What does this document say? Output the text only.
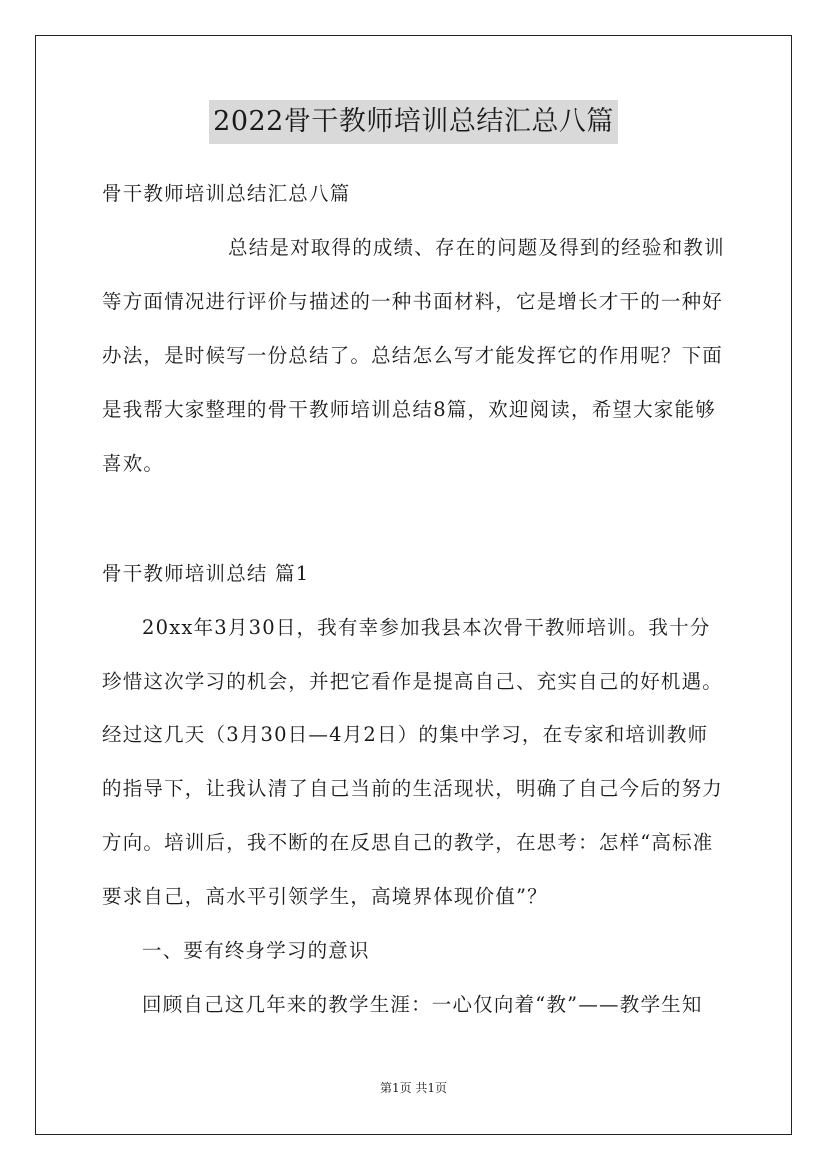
2022骨干教师培训总结汇总八篇
骨干教师培训总结汇总八篇
总结是对取得的成绩、存在的问题及得到的经验和教训
等方面情况进行评价与描述的一种书面材料，它是增长才干的一种好
办法，是时候写一份总结了。总结怎么写才能发挥它的作用呢？下面
是我帮大家整理的骨干教师培训总结8篇，欢迎阅读，希望大家能够
喜欢。
骨干教师培训总结 篇1
20xx年3月30日，我有幸参加我县本次骨干教师培训。我十分
珍惜这次学习的机会，并把它看作是提高自己、充实自己的好机遇。
经过这几天（3月30日—4月2日）的集中学习，在专家和培训教师
的指导下，让我认清了自己当前的生活现状，明确了自己今后的努力
方向。培训后，我不断的在反思自己的教学，在思考：怎样“高标准
要求自己，高水平引领学生，高境界体现价值”？
一、要有终身学习的意识
回顾自己这几年来的教学生涯：一心仅向着“教”——教学生知
第1页 共1页
